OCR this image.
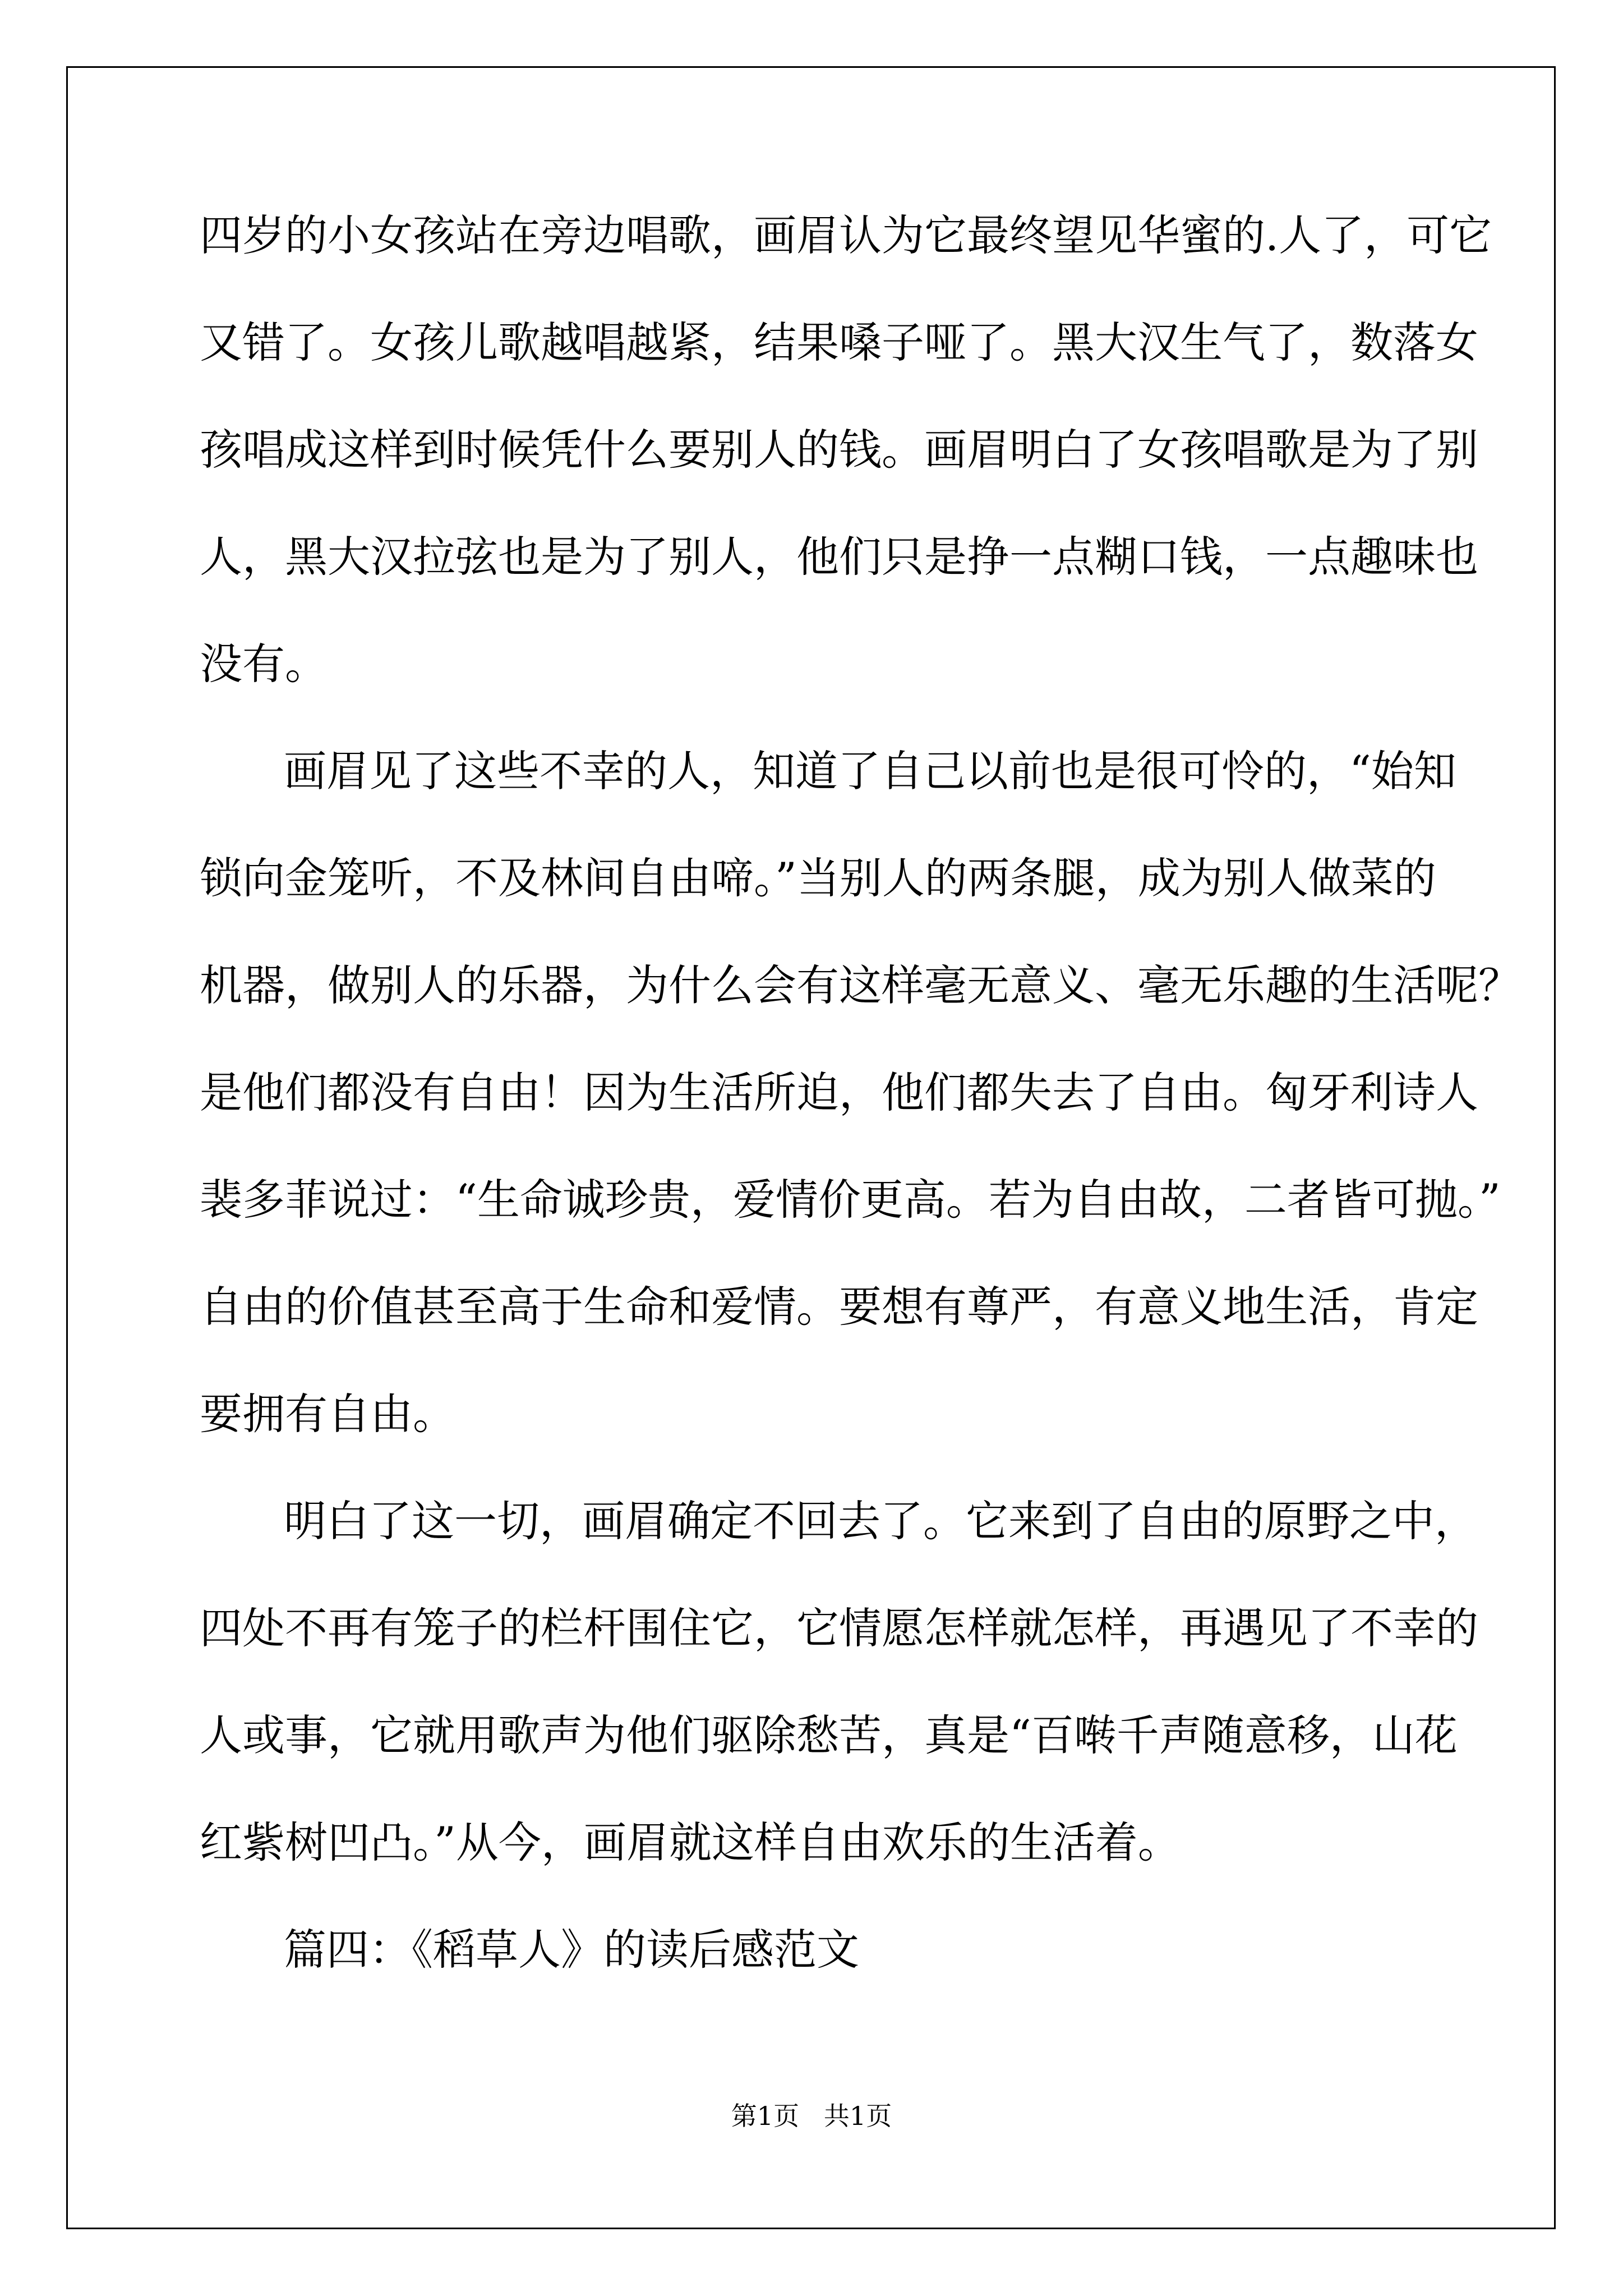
四岁的小女孩站在旁边唱歌，画眉认为它最终望见华蜜的.人了，可它
又错了。女孩儿歌越唱越紧，结果嗓子哑了。黑大汉生气了，数落女
孩唱成这样到时候凭什么要别人的钱。画眉明白了女孩唱歌是为了别
人，黑大汉拉弦也是为了别人，他们只是挣一点糊口钱，一点趣味也
没有。
画眉见了这些不幸的人，知道了自己以前也是很可怜的，“始知
锁向金笼听，不及林间自由啼。”当别人的两条腿，成为别人做菜的
机器，做别人的乐器，为什么会有这样毫无意义、毫无乐趣的生活呢？
是他们都没有自由！因为生活所迫，他们都失去了自由。匈牙利诗人
裴多菲说过：“生命诚珍贵，爱情价更高。若为自由故，二者皆可抛。”
自由的价值甚至高于生命和爱情。要想有尊严，有意义地生活，肯定
要拥有自由。
明白了这一切，画眉确定不回去了。它来到了自由的原野之中，
四处不再有笼子的栏杆围住它，它情愿怎样就怎样，再遇见了不幸的
人或事，它就用歌声为他们驱除愁苦，真是“百啭千声随意移，山花
红紫树凹凸。”从今，画眉就这样自由欢乐的生活着。
篇四：《稻草人》的读后感范文
第1页   共1页
